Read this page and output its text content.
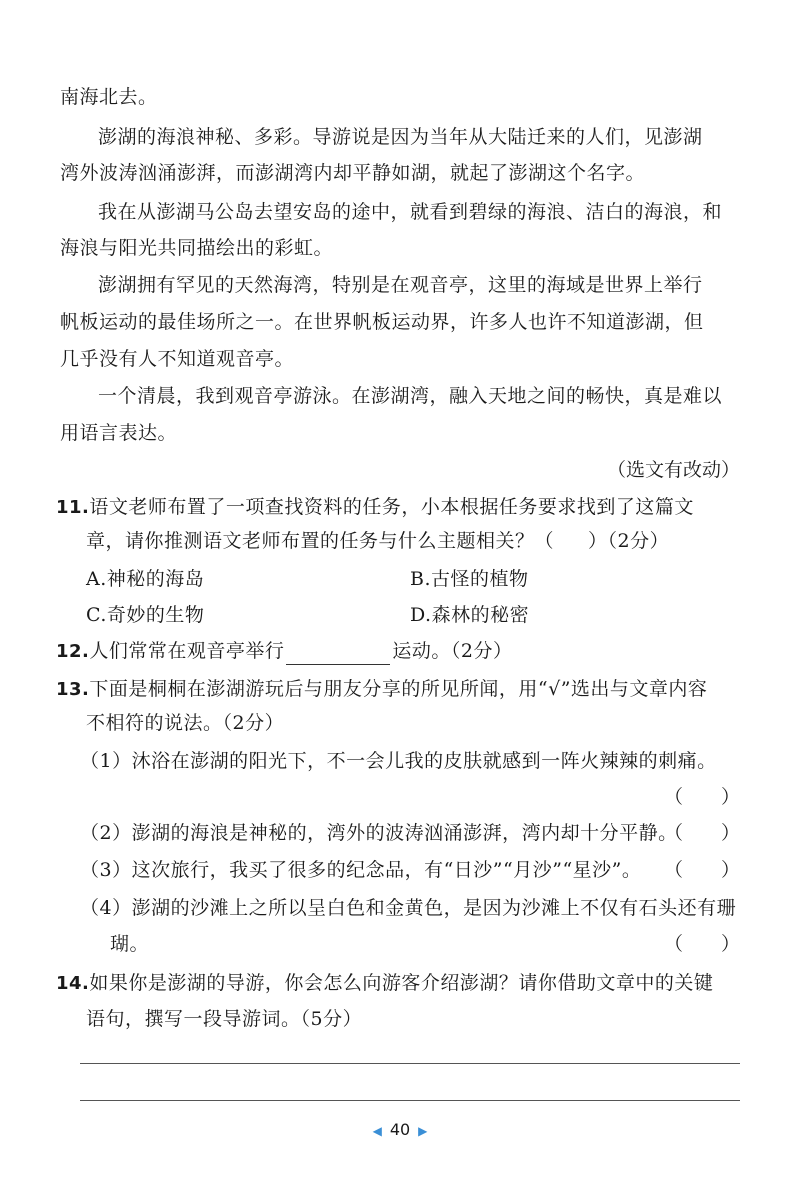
南海北去。
澎湖的海浪神秘、多彩。导游说是因为当年从大陆迁来的人们，见澎湖
湾外波涛汹涌澎湃，而澎湖湾内却平静如湖，就起了澎湖这个名字。
我在从澎湖马公岛去望安岛的途中，就看到碧绿的海浪、洁白的海浪，和
海浪与阳光共同描绘出的彩虹。
澎湖拥有罕见的天然海湾，特别是在观音亭，这里的海域是世界上举行
帆板运动的最佳场所之一。在世界帆板运动界，许多人也许不知道澎湖，但
几乎没有人不知道观音亭。
一个清晨，我到观音亭游泳。在澎湖湾，融入天地之间的畅快，真是难以
用语言表达。
（选文有改动）
11.语文老师布置了一项查找资料的任务，小本根据任务要求找到了这篇文
章，请你推测语文老师布置的任务与什么主题相关？（ ）（2分）
A.神秘的海岛	B.古怪的植物
C.奇妙的生物	D.森林的秘密
12.人们常常在观音亭举行	运动。（2分）
13.下面是桐桐在澎湖游玩后与朋友分享的所见所闻，用“√”选出与文章内容
不相符的说法。（2分）
（1）沐浴在澎湖的阳光下，不一会儿我的皮肤就感到一阵火辣辣的刺痛。
（　　）
（2）澎湖的海浪是神秘的，湾外的波涛汹涌澎湃，湾内却十分平静。
（　　）
（3）这次旅行，我买了很多的纪念品，有“日沙”“月沙”“星沙”。 （　　）
（4）澎湖的沙滩上之所以呈白色和金黄色，是因为沙滩上不仅有石头还有珊
瑚。	（　　）
14.如果你是澎湖的导游，你会怎么向游客介绍澎湖？请你借助文章中的关键
语句，撰写一段导游词。（5分）
◀ 40 ▶
